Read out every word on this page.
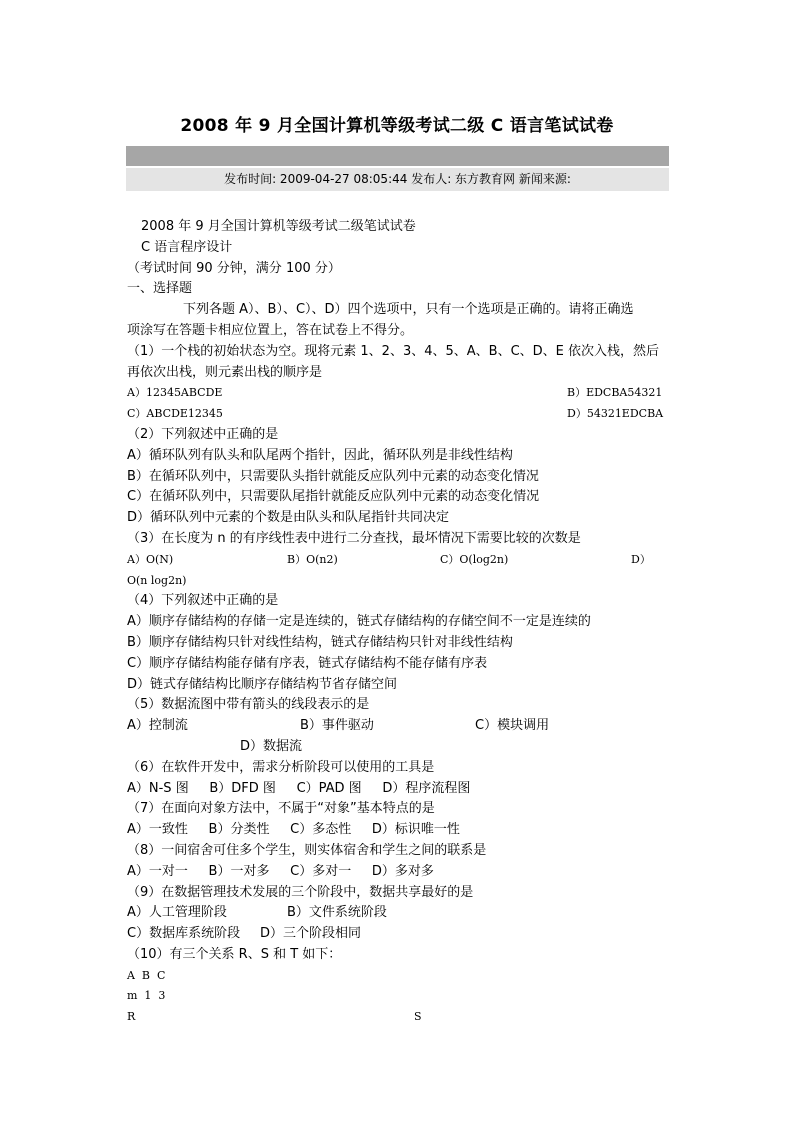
2008 年 9 月全国计算机等级考试二级 C 语言笔试试卷
发布时间: 2009-04-27 08:05:44 发布人: 东方教育网 新闻来源:
2008 年 9 月全国计算机等级考试二级笔试试卷
C 语言程序设计
（考试时间 90 分钟，满分 100 分）
一、选择题
下列各题 A）、B）、C）、D）四个选项中，只有一个选项是正确的。请将正确选
项涂写在答题卡相应位置上，答在试卷上不得分。
（1）一个栈的初始状态为空。现将元素 1、2、3、4、5、A、B、C、D、E 依次入栈，然后
再依次出栈，则元素出栈的顺序是
A）12345ABCDE	B）EDCBA54321
C）ABCDE12345	D）54321EDCBA
（2）下列叙述中正确的是
A）循环队列有队头和队尾两个指针，因此，循环队列是非线性结构
B）在循环队列中，只需要队头指针就能反应队列中元素的动态变化情况
C）在循环队列中，只需要队尾指针就能反应队列中元素的动态变化情况
D）循环队列中元素的个数是由队头和队尾指针共同决定
（3）在长度为 n 的有序线性表中进行二分查找，最坏情况下需要比较的次数是
A）O(N)	B）O(n2)	C）O(log2n)	D）
O(n log2n)
（4）下列叙述中正确的是
A）顺序存储结构的存储一定是连续的，链式存储结构的存储空间不一定是连续的
B）顺序存储结构只针对线性结构，链式存储结构只针对非线性结构
C）顺序存储结构能存储有序表，链式存储结构不能存储有序表
D）链式存储结构比顺序存储结构节省存储空间
（5）数据流图中带有箭头的线段表示的是
A）控制流	B）事件驱动	C）模块调用
D）数据流
（6）在软件开发中，需求分析阶段可以使用的工具是
A）N-S 图     B）DFD 图     C）PAD 图     D）程序流程图
（7）在面向对象方法中，不属于“对象”基本特点的是
A）一致性     B）分类性     C）多态性     D）标识唯一性
（8）一间宿舍可住多个学生，则实体宿舍和学生之间的联系是
A）一对一     B）一对多     C）多对一     D）多对多
（9）在数据管理技术发展的三个阶段中，数据共享最好的是
A）人工管理阶段	B）文件系统阶段
C）数据库系统阶段 D）三个阶段相同
（10）有三个关系 R、S 和 T 如下：
A  B  C
m  1  3
R	S
